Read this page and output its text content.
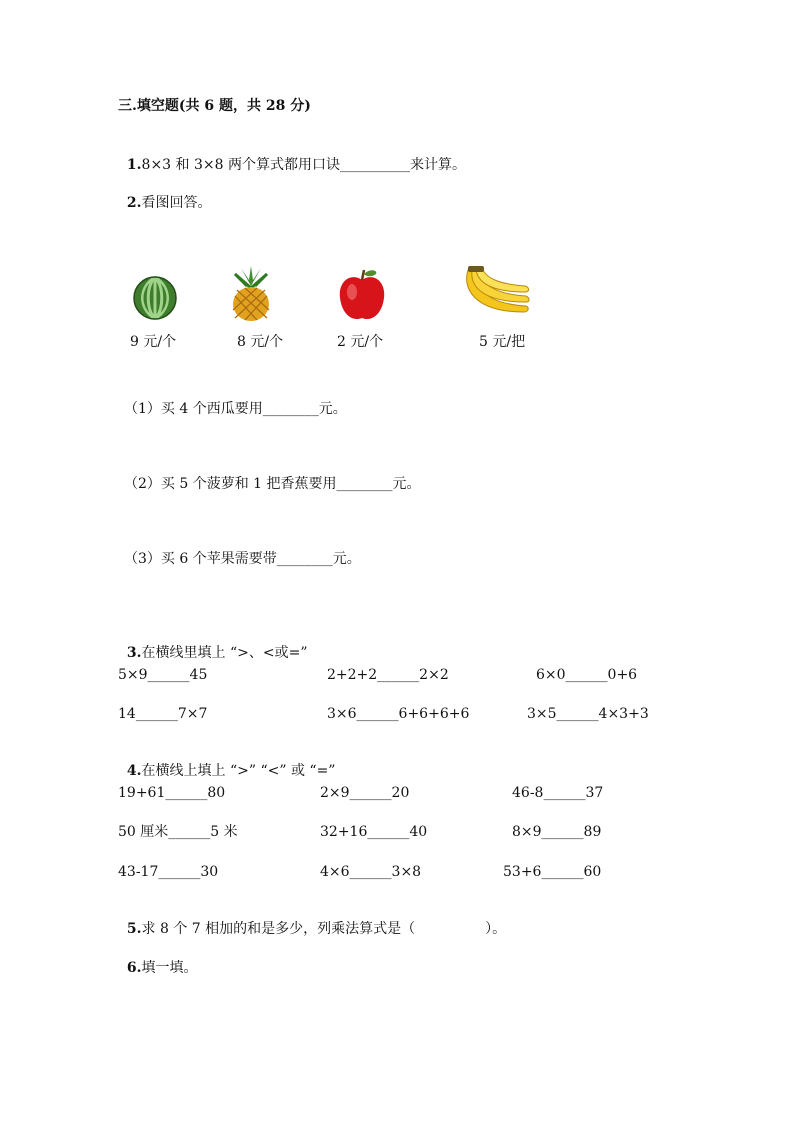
三.填空题(共 6 题，共 28 分)

1.8×3 和 3×8 两个算式都用口诀__________来计算。

2.看图回答。

9 元/个	8 元/个	2 元/个	5 元/把
（1）买 4 个西瓜要用________元。
（2）买 5 个菠萝和 1 把香蕉要用________元。
（3）买 6 个苹果需要带________元。

3.在横线里填上 “>、<或=”

5×9______45	2+2+2______2×2	6×0______0+6
14______7×7	3×6______6+6+6+6	3×5______4×3+3

4.在横线上填上 “>” “<” 或 “=”

19+61______80	2×9______20	46-8______37
50 厘米______5 米	32+16______40	8×9______89
43-17______30	4×6______3×8	53+6______60

5.求 8 个 7 相加的和是多少，列乘法算式是（　　　　　）。

6.填一填。
